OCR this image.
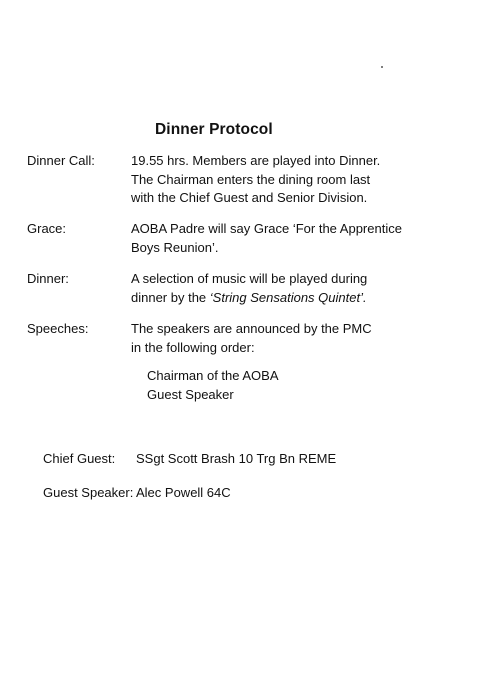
Dinner Protocol
Dinner Call:	19.55 hrs. Members are played into Dinner.
The Chairman enters the dining room last
with the Chief Guest and Senior Division.
Grace:	AOBA Padre will say Grace ‘For the Apprentice
Boys Reunion’.
Dinner:	A selection of music will be played during
dinner by the ‘String Sensations Quintet’.
Speeches:	The speakers are announced by the PMC
in the following order:
Chairman of the AOBA
Guest Speaker
Chief Guest: SSgt Scott Brash 10 Trg Bn REME
Guest Speaker: Alec Powell 64C
